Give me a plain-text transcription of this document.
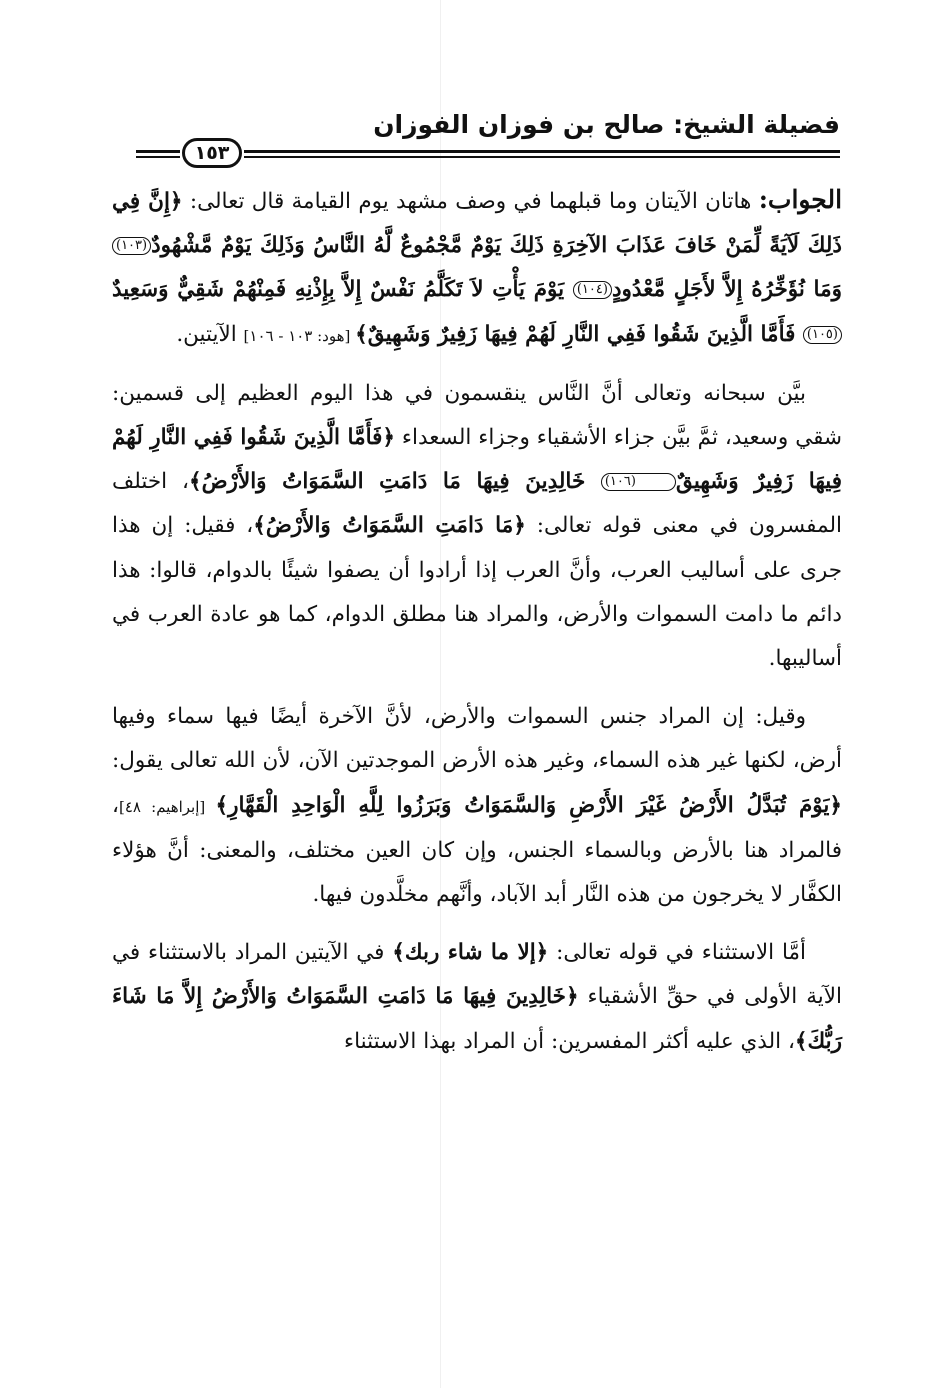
فضيلة الشيخ: صالح بن فوزان الفوزان
١٥٣

الجواب: هاتان الآيتان وما قبلهما في وصف مشهد يوم القيامة قال تعالى: ﴿إِنَّ فِي ذَلِكَ لَآيَةً لِّمَنْ خَافَ عَذَابَ الآخِرَةِ ذَلِكَ يَوْمٌ مَّجْمُوعٌ لَّهُ النَّاسُ وَذَلِكَ يَوْمٌ مَّشْهُودٌ(١٠٣) وَمَا نُؤَخِّرُهُ إِلاَّ لأَجَلٍ مَّعْدُودٍ(١٠٤) يَوْمَ يَأْتِ لاَ تَكَلَّمُ نَفْسٌ إِلاَّ بِإِذْنِهِ فَمِنْهُمْ شَقِيٌّ وَسَعِيدٌ(١٠٥) فَأَمَّا الَّذِينَ شَقُوا فَفِي النَّارِ لَهُمْ فِيهَا زَفِيرٌ وَشَهِيقٌ﴾ [هود: ١٠٣ - ١٠٦] الآيتين.

بيَّن سبحانه وتعالى أنَّ النَّاس ينقسمون في هذا اليوم العظيم إلى قسمين: شقي وسعيد، ثمَّ بيَّن جزاء الأشقياء وجزاء السعداء ﴿فَأَمَّا الَّذِينَ شَقُوا فَفِي النَّارِ لَهُمْ فِيهَا زَفِيرٌ وَشَهِيقٌ(١٠٦) خَالِدِينَ فِيهَا مَا دَامَتِ السَّمَوَاتُ وَالأَرْضُ﴾، اختلف المفسرون في معنى قوله تعالى: ﴿مَا دَامَتِ السَّمَوَاتُ وَالأَرْضُ﴾، فقيل: إن هذا جرى على أساليب العرب، وأنَّ العرب إذا أرادوا أن يصفوا شيئًا بالدوام، قالوا: هذا دائم ما دامت السموات والأرض، والمراد هنا مطلق الدوام، كما هو عادة العرب في أساليبها.

وقيل: إن المراد جنس السموات والأرض، لأنَّ الآخرة أيضًا فيها سماء وفيها أرض، لكنها غير هذه السماء، وغير هذه الأرض الموجدتين الآن، لأن الله تعالى يقول: ﴿يَوْمَ تُبَدَّلُ الأَرْضُ غَيْرَ الأَرْضِ وَالسَّمَوَاتُ وَبَرَزُوا لِلَّهِ الْوَاحِدِ الْقَهَّارِ﴾ [إبراهيم: ٤٨]، فالمراد هنا بالأرض وبالسماء الجنس، وإن كان العين مختلف، والمعنى: أنَّ هؤلاء الكفَّار لا يخرجون من هذه النَّار أبد الآباد، وأنَّهم مخلَّدون فيها.

أمَّا الاستثناء في قوله تعالى: ﴿إلا ما شاء ربك﴾ في الآيتين المراد بالاستثناء في الآية الأولى في حقِّ الأشقياء ﴿خَالِدِينَ فِيهَا مَا دَامَتِ السَّمَوَاتُ وَالأَرْضُ إِلاَّ مَا شَاءَ رَبُّكَ﴾، الذي عليه أكثر المفسرين: أن المراد بهذا الاستثناء
